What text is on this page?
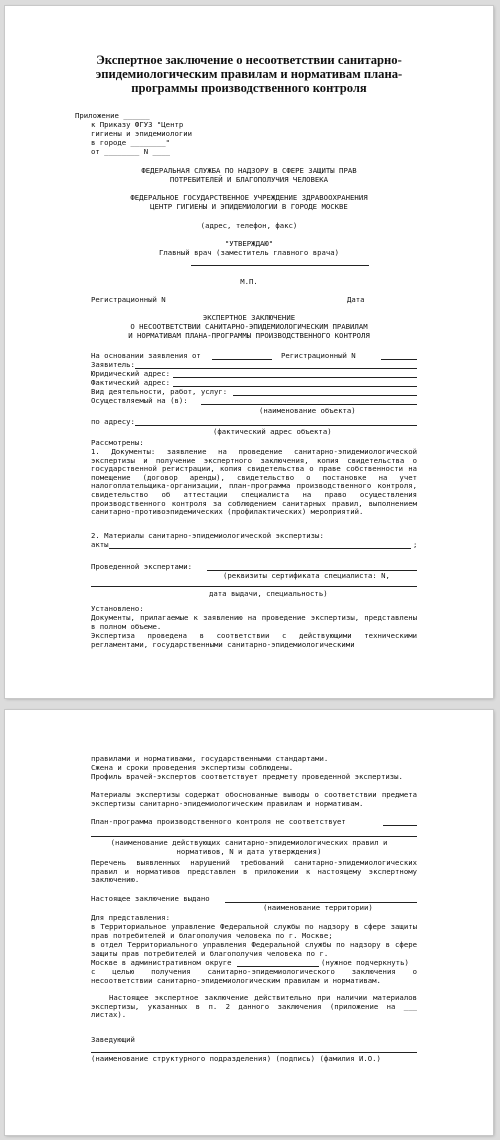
Экспертное заключение о несоответствии санитарно-
эпидемиологическим правилам и нормативам плана-
программы производственного контроля
Приложение ______
к Приказу ФГУЗ "Центр
гигиены и эпидемиологии
в городе ________"
от ________ N ____
ФЕДЕРАЛЬНАЯ СЛУЖБА ПО НАДЗОРУ В СФЕРЕ ЗАЩИТЫ ПРАВ
ПОТРЕБИТЕЛЕЙ И БЛАГОПОЛУЧИЯ ЧЕЛОВЕКА
ФЕДЕРАЛЬНОЕ ГОСУДАРСТВЕННОЕ УЧРЕЖДЕНИЕ ЗДРАВООХРАНЕНИЯ
ЦЕНТР ГИГИЕНЫ И ЭПИДЕМИОЛОГИИ В ГОРОДЕ МОСКВЕ
(адрес, телефон, факс)
"УТВЕРЖДАЮ"
Главный врач (заместитель главного врача)
М.П.
Регистрационный N	Дата
ЭКСПЕРТНОЕ ЗАКЛЮЧЕНИЕ
О НЕСООТВЕТСТВИИ САНИТАРНО-ЭПИДЕМИОЛОГИЧЕСКИМ ПРАВИЛАМ
И НОРМАТИВАМ ПЛАНА-ПРОГРАММЫ ПРОИЗВОДСТВЕННОГО КОНТРОЛЯ
На основании заявления от	Регистрационный N
Заявитель:
Юридический адрес:
Фактический адрес:
Вид деятельности, работ, услуг:
Осуществляемый на (в):
(наименование объекта)
по адресу:
(фактический адрес объекта)
Рассмотрены:
1. Документы: заявление на проведение санитарно-эпидемиологической экспертизы и получение экспертного заключения, копия свидетельства о государственной регистрации, копия свидетельства о праве собственности на помещение (договор аренды), свидетельство о постановке на учет налогоплательщика-организации, план-программа производственного контроля, свидетельство об аттестации специалиста на право осуществления производственного контроля за соблюдением санитарных правил, выполнением санитарно-противоэпидемических (профилактических) мероприятий.
2. Материалы санитарно-эпидемиологической экспертизы:
акты	;
Проведенной экспертами:
(реквизиты сертификата специалиста: N,
дата выдачи, специальность)
Установлено:
Документы, прилагаемые к заявлению на проведение экспертизы, представлены в полном объеме.
Экспертиза проведена в соответствии с действующими техническими регламентами, государственными санитарно-эпидемиологическими
правилами и нормативами, государственными стандартами.
Сжена и сроки проведения экспертизы соблюдены.
Профиль врачей-экспертов соответствует предмету проведенной экспертизы.
Материалы экспертизы содержат обоснованные выводы о соответствии предмета экспертизы санитарно-эпидемиологическим правилам и нормативам.
План-программа производственного контроля не соответствует
(наименование действующих санитарно-эпидемиологических правил и
нормативов, N и дата утверждения)
Перечень выявленных нарушений требований санитарно-эпидемиологических правил и нормативов представлен в приложении к настоящему экспертному заключению.
Настоящее заключение выдано
(наименование территории)
Для представления:
в Территориальное управление Федеральной службы по надзору в сфере защиты прав потребителей и благополучия человека по г. Москве;
в отдел Территориального управления Федеральной службы по надзору в сфере защиты прав потребителей и благополучия человека по г.
Москве в административном округе	(нужное подчеркнуть)
с целью получения санитарно-эпидемиологического заключения о несоответствии санитарно-эпидемиологическим правилам и нормативам.
Настоящее экспертное заключение действительно при наличии материалов экспертизы, указанных в п. 2 данного заключения (приложение на ___ листах).
Заведующий
(наименование структурного подразделения) (подпись) (фамилия И.О.)
